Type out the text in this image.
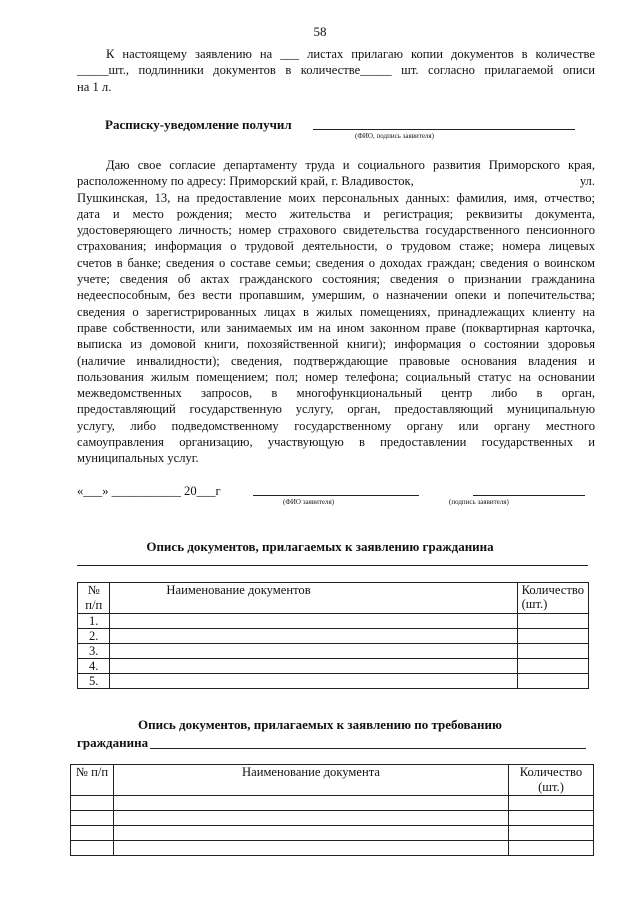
58
К настоящему заявлению на ___ листах прилагаю копии документов в количестве
_____шт., подлинники документов в количестве_____ шт. согласно прилагаемой описи
на 1 л.
Расписку-уведомление получил
(ФИО, подпись заявителя)
Даю свое согласие департаменту труда и социального развития Приморского края,
расположенному по адресу: Приморский край, г. Владивосток,	ул.
Пушкинская, 13, на предоставление моих персональных данных: фамилия, имя, отчество;
дата и место рождения; место жительства и регистрация; реквизиты документа,
удостоверяющего личность; номер страхового свидетельства государственного пенсионного
страхования; информация о трудовой деятельности, о трудовом стаже; номера лицевых
счетов в банке; сведения о составе семьи; сведения о доходах граждан; сведения о воинском
учете; сведения об актах гражданского состояния; сведения о признании гражданина
недееспособным, без вести пропавшим, умершим, о назначении опеки и попечительства;
сведения о зарегистрированных лицах в жилых помещениях, принадлежащих клиенту на
праве собственности, или занимаемых им на ином законном праве (поквартирная карточка,
выписка из домовой книги, похозяйственной книги); информация о состоянии здоровья
(наличие инвалидности); сведения, подтверждающие правовые основания владения и
пользования жилым помещением; пол; номер телефона; социальный статус на основании
межведомственных запросов, в многофункциональный центр либо в орган,
предоставляющий государственную услугу, орган, предоставляющий муниципальную
услугу, либо подведомственному государственному органу или органу местного
самоуправления организацию, участвующую в предоставлении государственных и
муниципальных услуг.
«___» ___________ 20___г
(ФИО заявителя)	(подпись заявителя)
Опись документов, прилагаемых к заявлению гражданина
№ п/п	Наименование документов	Количество (шт.)
1.		
2.		
3.		
4.		
5.		
Опись документов, прилагаемых к заявлению по требованию
гражданина
№ п/п	Наименование документа	Количество (шт.)
